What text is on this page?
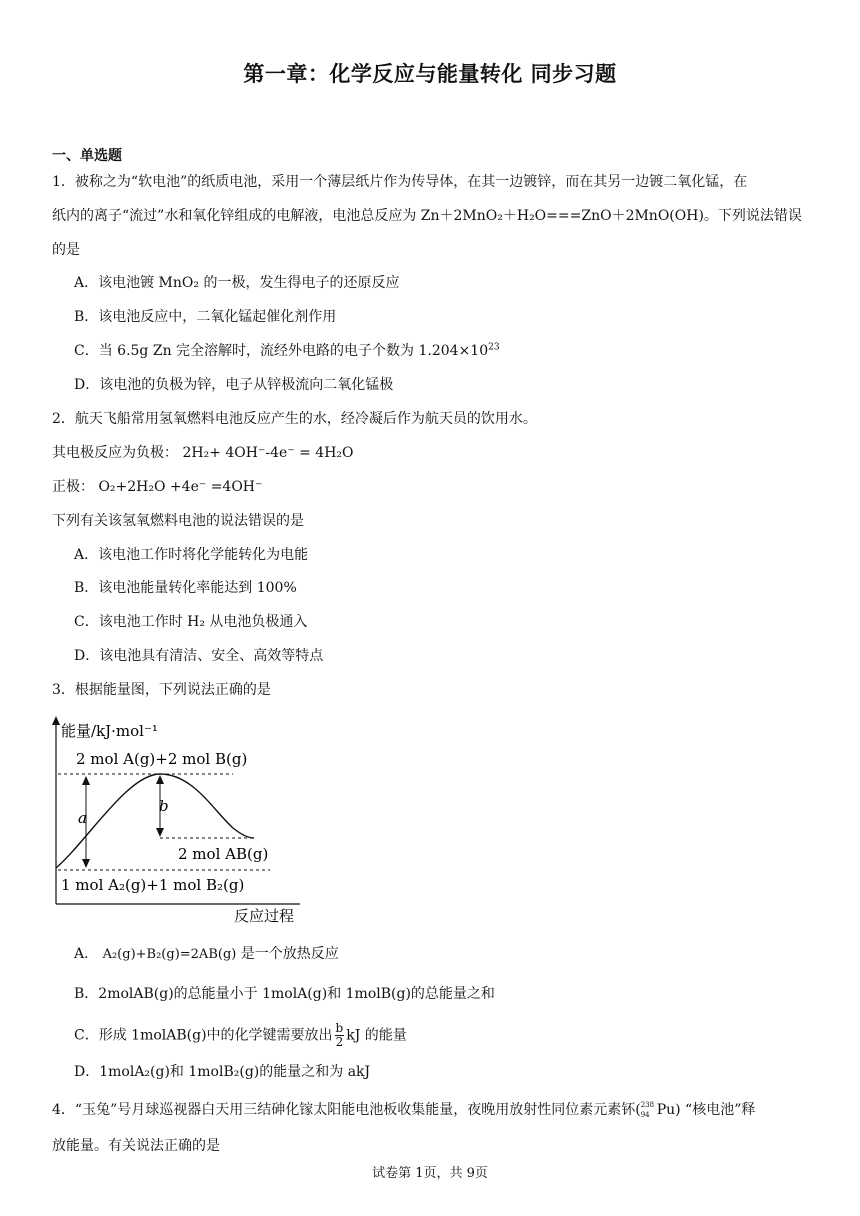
第一章：化学反应与能量转化 同步习题
一、单选题
1．被称之为“软电池”的纸质电池，采用一个薄层纸片作为传导体，在其一边镀锌，而在其另一边镀二氧化锰，在
纸内的离子“流过”水和氧化锌组成的电解液，电池总反应为 Zn＋2MnO₂＋H₂O===ZnO＋2MnO(OH)。下列说法错误
的是
A．该电池镀 MnO₂ 的一极，发生得电子的还原反应
B．该电池反应中，二氧化锰起催化剂作用
C．当 6.5g Zn 完全溶解时，流经外电路的电子个数为 $1.204\times 10^{23}$
D．该电池的负极为锌，电子从锌极流向二氧化锰极
2．航天飞船常用氢氧燃料电池反应产生的水，经冷凝后作为航天员的饮用水。
其电极反应为负极： 2H₂+ 4OH⁻-4e⁻ = 4H₂O
正极： O₂+2H₂O +4e⁻ =4OH⁻
下列有关该氢氧燃料电池的说法错误的是
A．该电池工作时将化学能转化为电能
B．该电池能量转化率能达到 100%
C．该电池工作时 H₂ 从电池负极通入
D．该电池具有清洁、安全、高效等特点
3．根据能量图，下列说法正确的是
能量/kJ·mol⁻¹
反应过程
a
b
2 mol A(g)+2 mol B(g)
2 mol AB(g)
1 mol A₂(g)+1 mol B₂(g)
A． A₂(g)+B₂(g)=2AB(g) 是一个放热反应
B．2molAB(g)的总能量小于 1molA(g)和 1molB(g)的总能量之和
C．形成 1molAB(g)中的化学键需要放出 $\frac{b}{2}$ kJ 的能量
D．1molA₂(g)和 1molB₂(g)的能量之和为 akJ
4．“玉兔”号月球巡视器白天用三结砷化镓太阳能电池板收集能量，夜晚用放射性同位素元素钚( 238
94 Pu) “核电池”释
放能量。有关说法正确的是
试卷第 1页，共 9页
